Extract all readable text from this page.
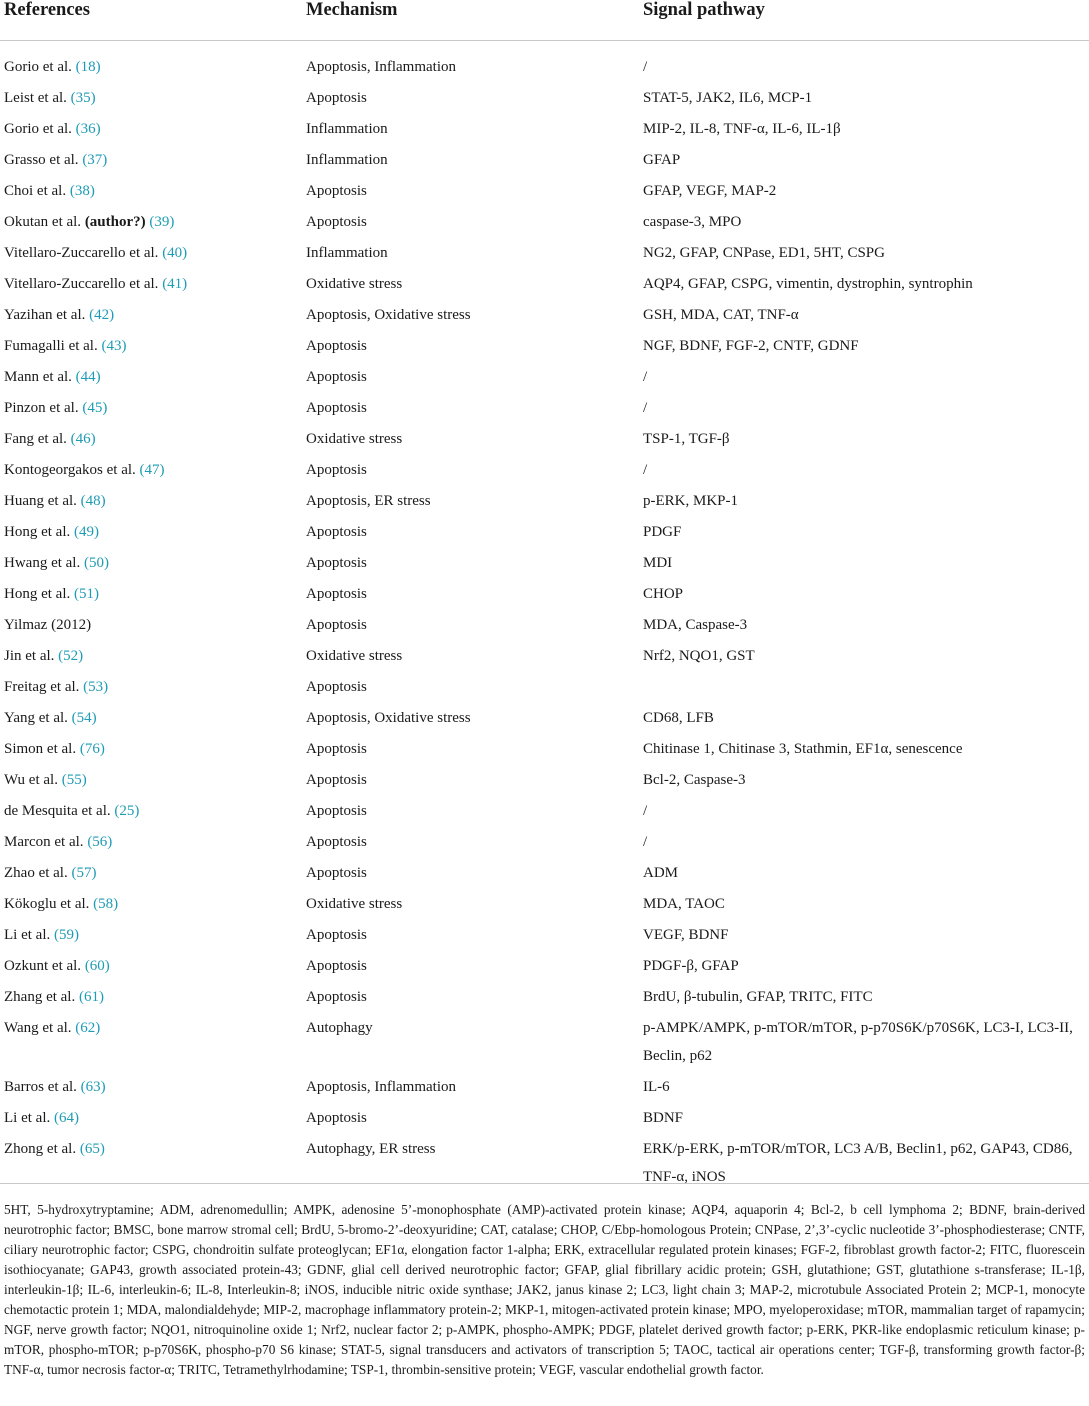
References	Mechanism	Signal pathway

Gorio et al. (18)	Apoptosis, Inflammation	/
Leist et al. (35)	Apoptosis	STAT-5, JAK2, IL6, MCP-1
Gorio et al. (36)	Inflammation	MIP-2, IL-8, TNF-α, IL-6, IL-1β
Grasso et al. (37)	Inflammation	GFAP
Choi et al. (38)	Apoptosis	GFAP, VEGF, MAP-2
Okutan et al. (author?) (39)	Apoptosis	caspase-3, MPO
Vitellaro-Zuccarello et al. (40)	Inflammation	NG2, GFAP, CNPase, ED1, 5HT, CSPG
Vitellaro-Zuccarello et al. (41)	Oxidative stress	AQP4, GFAP, CSPG, vimentin, dystrophin, syntrophin
Yazihan et al. (42)	Apoptosis, Oxidative stress	GSH, MDA, CAT, TNF-α
Fumagalli et al. (43)	Apoptosis	NGF, BDNF, FGF-2, CNTF, GDNF
Mann et al. (44)	Apoptosis	/
Pinzon et al. (45)	Apoptosis	/
Fang et al. (46)	Oxidative stress	TSP-1, TGF-β
Kontogeorgakos et al. (47)	Apoptosis	/
Huang et al. (48)	Apoptosis, ER stress	p-ERK, MKP-1
Hong et al. (49)	Apoptosis	PDGF
Hwang et al. (50)	Apoptosis	MDI
Hong et al. (51)	Apoptosis	CHOP
Yilmaz (2012)	Apoptosis	MDA, Caspase-3
Jin et al. (52)	Oxidative stress	Nrf2, NQO1, GST
Freitag et al. (53)	Apoptosis	
Yang et al. (54)	Apoptosis, Oxidative stress	CD68, LFB
Simon et al. (76)	Apoptosis	Chitinase 1, Chitinase 3, Stathmin, EF1α, senescence
Wu et al. (55)	Apoptosis	Bcl-2, Caspase-3
de Mesquita et al. (25)	Apoptosis	/
Marcon et al. (56)	Apoptosis	/
Zhao et al. (57)	Apoptosis	ADM
Kökoglu et al. (58)	Oxidative stress	MDA, TAOC
Li et al. (59)	Apoptosis	VEGF, BDNF
Ozkunt et al. (60)	Apoptosis	PDGF-β, GFAP
Zhang et al. (61)	Apoptosis	BrdU, β-tubulin, GFAP, TRITC, FITC
Wang et al. (62)	Autophagy	p-AMPK/AMPK, p-mTOR/mTOR, p-p70S6K/p70S6K, LC3-I, LC3-II, Beclin, p62
Barros et al. (63)	Apoptosis, Inflammation	IL-6
Li et al. (64)	Apoptosis	BDNF
Zhong et al. (65)	Autophagy, ER stress	ERK/p-ERK, p-mTOR/mTOR, LC3 A/B, Beclin1, p62, GAP43, CD86, TNF-α, iNOS

5HT, 5-hydroxytryptamine; ADM, adrenomedullin; AMPK, adenosine 5’-monophosphate (AMP)-activated protein kinase; AQP4, aquaporin 4; Bcl-2, b cell lymphoma 2; BDNF, brain-derived neurotrophic factor; BMSC, bone marrow stromal cell; BrdU, 5-bromo-2’-deoxyuridine; CAT, catalase; CHOP, C/Ebp-homologous Protein; CNPase, 2’,3’-cyclic nucleotide 3’-phosphodiesterase; CNTF, ciliary neurotrophic factor; CSPG, chondroitin sulfate proteoglycan; EF1α, elongation factor 1-alpha; ERK, extracellular regulated protein kinases; FGF-2, fibroblast growth factor-2; FITC, fluorescein isothiocyanate; GAP43, growth associated protein-43; GDNF, glial cell derived neurotrophic factor; GFAP, glial fibrillary acidic protein; GSH, glutathione; GST, glutathione s-transferase; IL-1β, interleukin-1β; IL-6, interleukin-6; IL-8, Interleukin-8; iNOS, inducible nitric oxide synthase; JAK2, janus kinase 2; LC3, light chain 3; MAP-2, microtubule Associated Protein 2; MCP-1, monocyte chemotactic protein 1; MDA, malondialdehyde; MIP-2, macrophage inflammatory protein-2; MKP-1, mitogen-activated protein kinase; MPO, myeloperoxidase; mTOR, mammalian target of rapamycin; NGF, nerve growth factor; NQO1, nitroquinoline oxide 1; Nrf2, nuclear factor 2; p-AMPK, phospho-AMPK; PDGF, platelet derived growth factor; p-ERK, PKR-like endoplasmic reticulum kinase; p-mTOR, phospho-mTOR; p-p70S6K, phospho-p70 S6 kinase; STAT-5, signal transducers and activators of transcription 5; TAOC, tactical air operations center; TGF-β, transforming growth factor-β; TNF-α, tumor necrosis factor-α; TRITC, Tetramethylrhodamine; TSP-1, thrombin-sensitive protein; VEGF, vascular endothelial growth factor.
